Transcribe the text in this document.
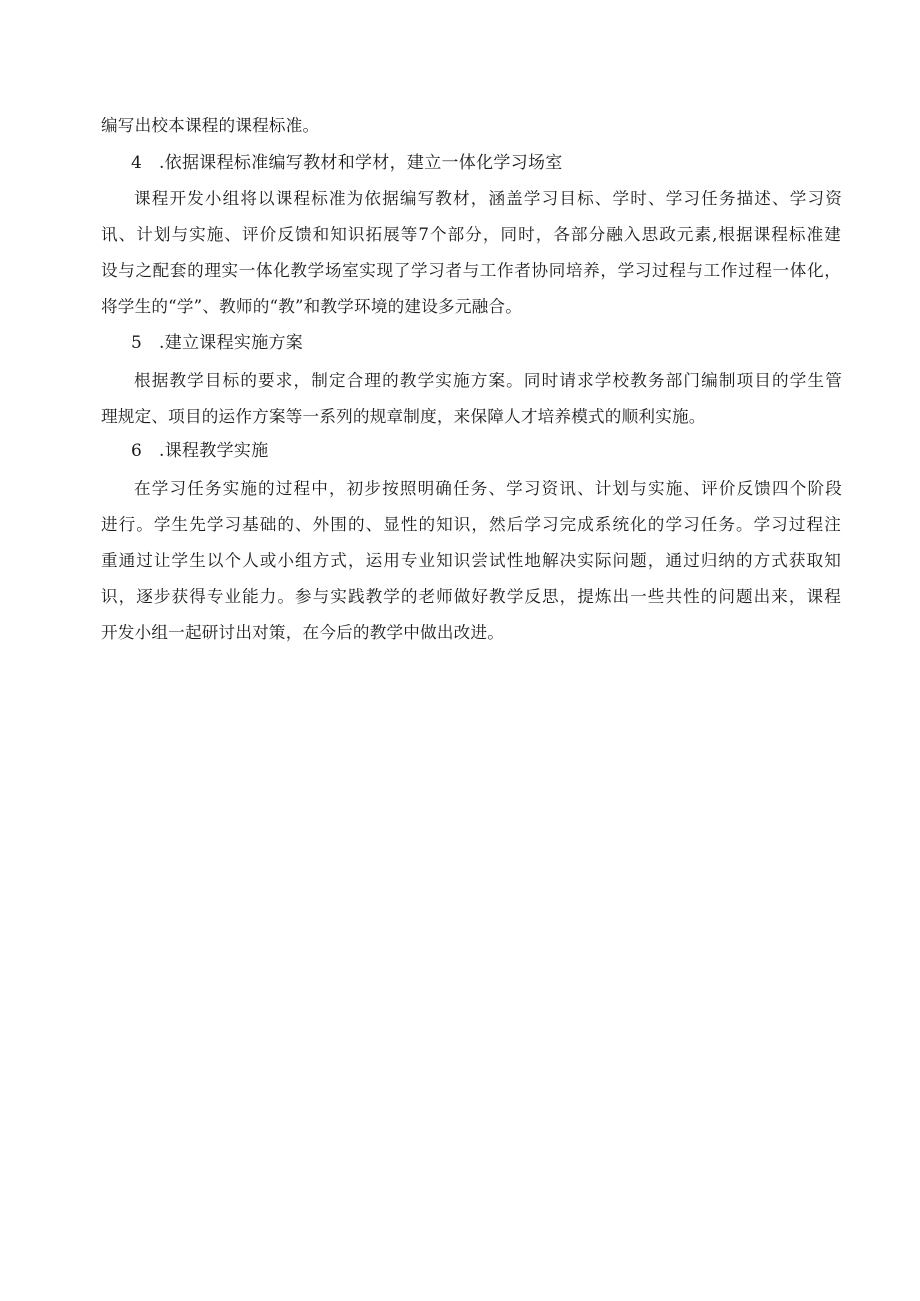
编写出校本课程的课程标准。
4 .依据课程标准编写教材和学材，建立一体化学习场室
课程开发小组将以课程标准为依据编写教材，涵盖学习目标、学时、学习任务描述、学习资
讯、计划与实施、评价反馈和知识拓展等7个部分，同时，各部分融入思政元素,根据课程标准建
设与之配套的理实一体化教学场室实现了学习者与工作者协同培养，学习过程与工作过程一体化，
将学生的“学”、教师的“教”和教学环境的建设多元融合。
5 .建立课程实施方案
根据教学目标的要求，制定合理的教学实施方案。同时请求学校教务部门编制项目的学生管
理规定、项目的运作方案等一系列的规章制度，来保障人才培养模式的顺利实施。
6 .课程教学实施
在学习任务实施的过程中，初步按照明确任务、学习资讯、计划与实施、评价反馈四个阶段
进行。学生先学习基础的、外围的、显性的知识，然后学习完成系统化的学习任务。学习过程注
重通过让学生以个人或小组方式，运用专业知识尝试性地解决实际问题，通过归纳的方式获取知
识，逐步获得专业能力。参与实践教学的老师做好教学反思，提炼出一些共性的问题出来，课程
开发小组一起研讨出对策，在今后的教学中做出改进。
